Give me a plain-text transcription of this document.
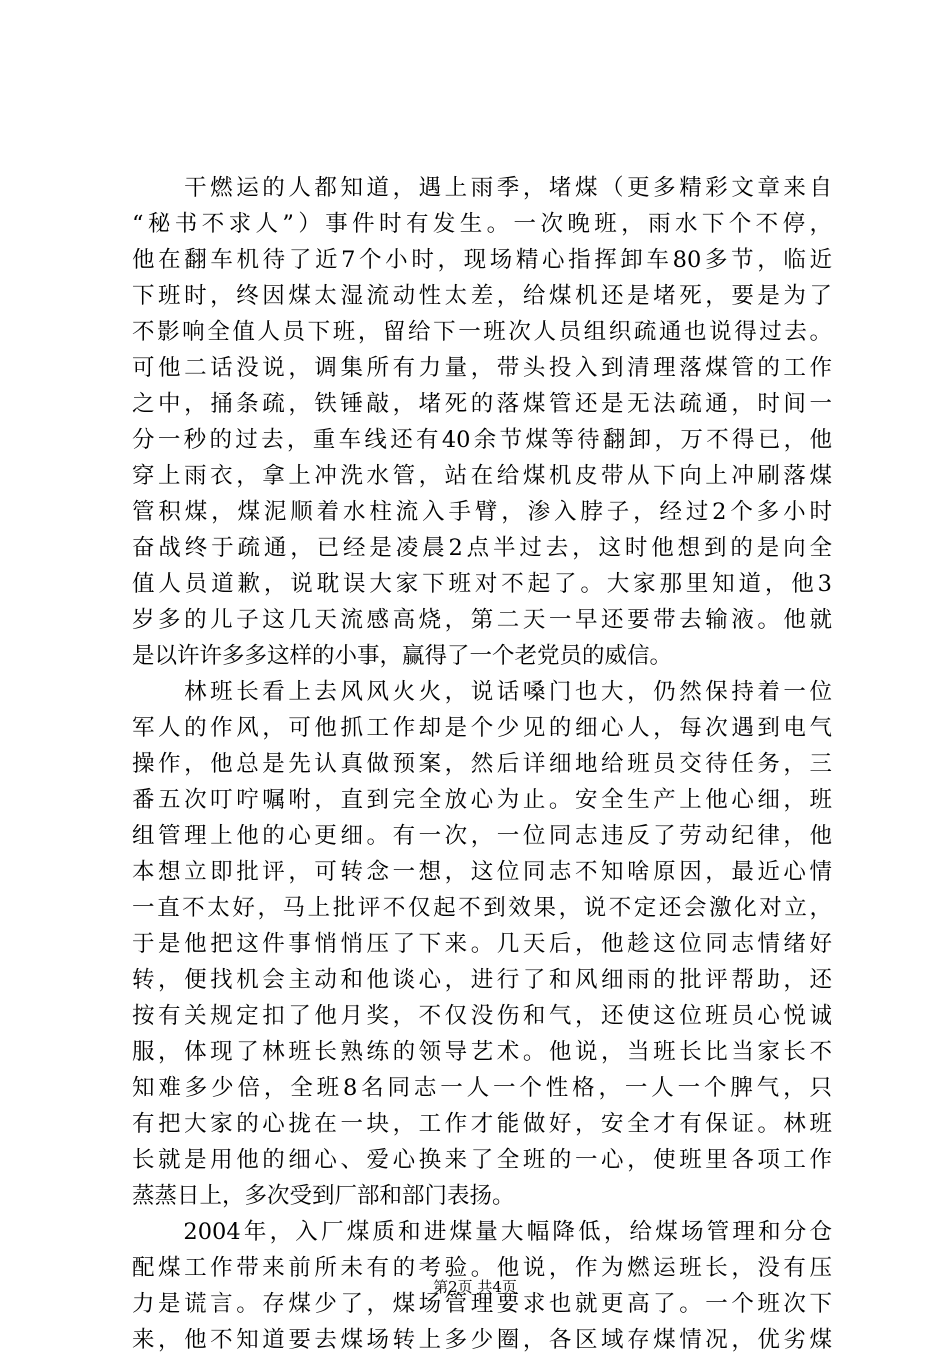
　　干燃运的人都知道，遇上雨季，堵煤（更多精彩文章来自
“秘书不求人”）事件时有发生。一次晚班，雨水下个不停，
他在翻车机待了近7个小时，现场精心指挥卸车80多节，临近
下班时，终因煤太湿流动性太差，给煤机还是堵死，要是为了
不影响全值人员下班，留给下一班次人员组织疏通也说得过去。
可他二话没说，调集所有力量，带头投入到清理落煤管的工作
之中，捅条疏，铁锤敲，堵死的落煤管还是无法疏通，时间一
分一秒的过去，重车线还有40余节煤等待翻卸，万不得已，他
穿上雨衣，拿上冲洗水管，站在给煤机皮带从下向上冲刷落煤
管积煤，煤泥顺着水柱流入手臂，渗入脖子，经过2个多小时
奋战终于疏通，已经是凌晨2点半过去，这时他想到的是向全
值人员道歉，说耽误大家下班对不起了。大家那里知道，他3
岁多的儿子这几天流感高烧，第二天一早还要带去输液。他就
是以许许多多这样的小事，赢得了一个老党员的威信。
　　林班长看上去风风火火，说话嗓门也大，仍然保持着一位
军人的作风，可他抓工作却是个少见的细心人，每次遇到电气
操作，他总是先认真做预案，然后详细地给班员交待任务，三
番五次叮咛嘱咐，直到完全放心为止。安全生产上他心细，班
组管理上他的心更细。有一次，一位同志违反了劳动纪律，他
本想立即批评，可转念一想，这位同志不知啥原因，最近心情
一直不太好，马上批评不仅起不到效果，说不定还会激化对立，
于是他把这件事悄悄压了下来。几天后，他趁这位同志情绪好
转，便找机会主动和他谈心，进行了和风细雨的批评帮助，还
按有关规定扣了他月奖，不仅没伤和气，还使这位班员心悦诚
服，体现了林班长熟练的领导艺术。他说，当班长比当家长不
知难多少倍，全班8名同志一人一个性格，一人一个脾气，只
有把大家的心拢在一块，工作才能做好，安全才有保证。林班
长就是用他的细心、爱心换来了全班的一心，使班里各项工作
蒸蒸日上，多次受到厂部和部门表扬。
　　2004年，入厂煤质和进煤量大幅降低，给煤场管理和分仓
配煤工作带来前所未有的考验。他说，作为燃运班长，没有压
力是谎言。存煤少了，煤场管理要求也就更高了。一个班次下
来，他不知道要去煤场转上多少圈，各区域存煤情况，优劣煤
第2页 共4页
